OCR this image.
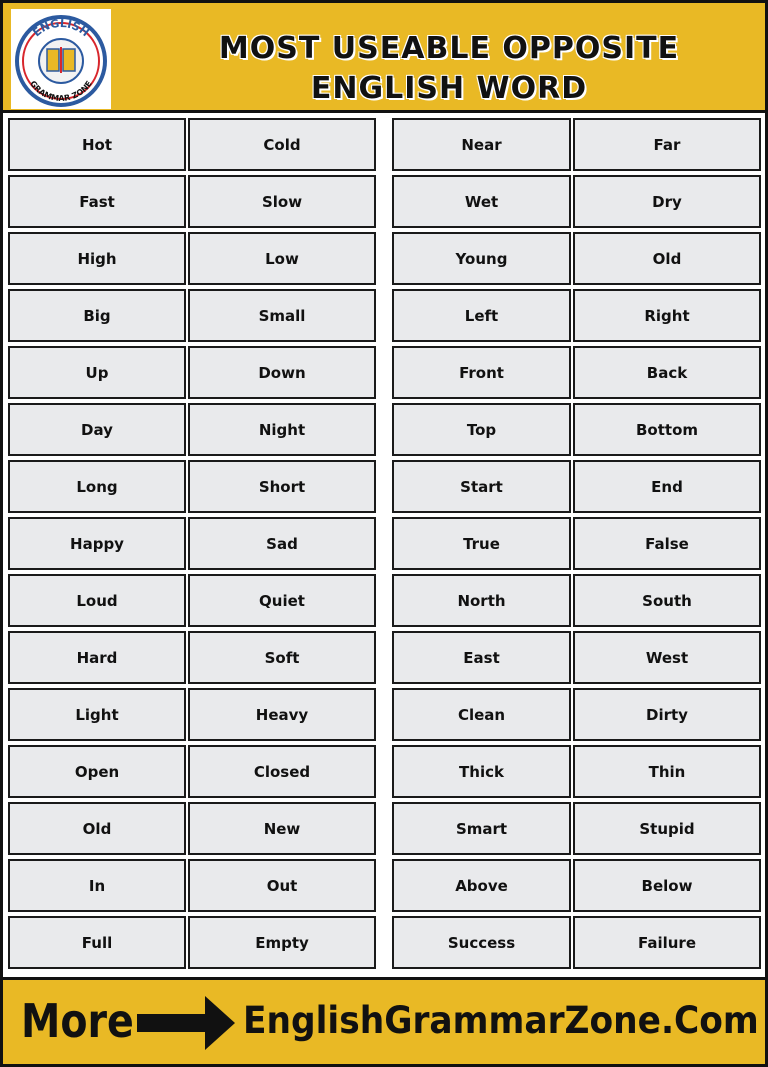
ENGLISH
GRAMMAR ZONE
MOST USEABLE OPPOSITE
ENGLISH WORD
Hot
Fast
High
Big
Up
Day
Long
Happy
Loud
Hard
Light
Open
Old
In
Full
Cold
Slow
Low
Small
Down
Night
Short
Sad
Quiet
Soft
Heavy
Closed
New
Out
Empty
Near
Wet
Young
Left
Front
Top
Start
True
North
East
Clean
Thick
Smart
Above
Success
Far
Dry
Old
Right
Back
Bottom
End
False
South
West
Dirty
Thin
Stupid
Below
Failure
More	EnglishGrammarZone.Com
